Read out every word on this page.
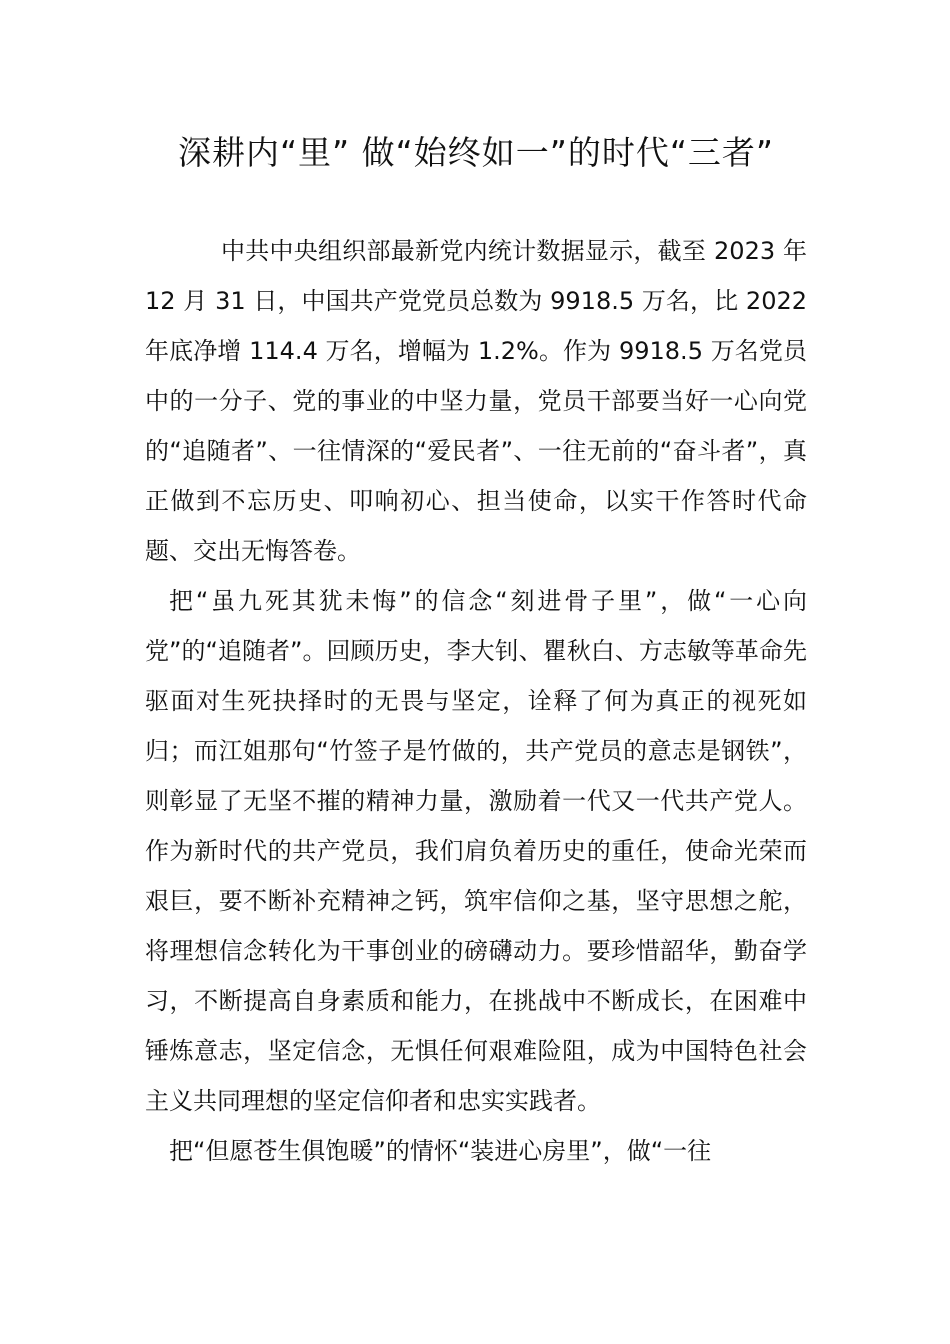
深耕内“里” 做“始终如一”的时代“三者”

中共中央组织部最新党内统计数据显示，截至 2023 年 12 月 31 日，中国共产党党员总数为 9918.5 万名，比 2022 年底净增 114.4 万名，增幅为 1.2%。作为 9918.5 万名党员中的一分子、党的事业的中坚力量，党员干部要当好一心向党的“追随者”、一往情深的“爱民者”、一往无前的“奋斗者”，真正做到不忘历史、叩响初心、担当使命，以实干作答时代命题、交出无悔答卷。

把“虽九死其犹未悔”的信念“刻进骨子里”，做“一心向党”的“追随者”。回顾历史，李大钊、瞿秋白、方志敏等革命先驱面对生死抉择时的无畏与坚定，诠释了何为真正的视死如归；而江姐那句“竹签子是竹做的，共产党员的意志是钢铁”，则彰显了无坚不摧的精神力量，激励着一代又一代共产党人。作为新时代的共产党员，我们肩负着历史的重任，使命光荣而艰巨，要不断补充精神之钙，筑牢信仰之基，坚守思想之舵，将理想信念转化为干事创业的磅礴动力。要珍惜韶华，勤奋学习，不断提高自身素质和能力，在挑战中不断成长，在困难中锤炼意志，坚定信念，无惧任何艰难险阻，成为中国特色社会主义共同理想的坚定信仰者和忠实实践者。

把“但愿苍生俱饱暖”的情怀“装进心房里”，做“一往
